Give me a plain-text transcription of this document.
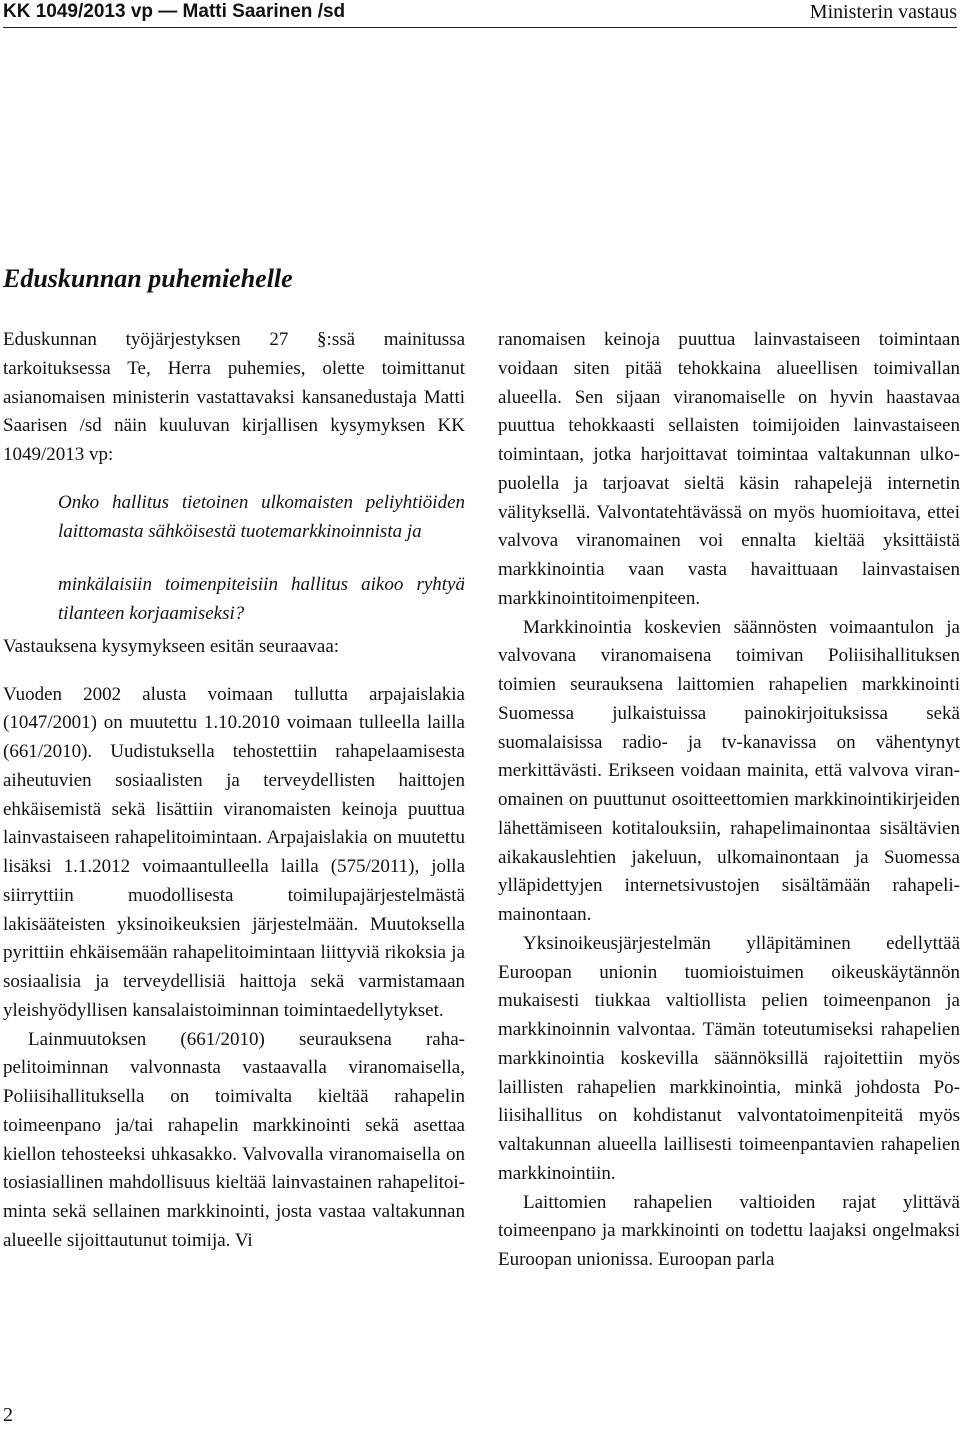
KK 1049/2013 vp — Matti Saarinen /sd	Ministerin vastaus
Eduskunnan puhemiehelle

Eduskunnan työjärjestyksen 27 §:ssä mainitussa tarkoituksessa Te, Herra puhemies, olette toimittanut asianomaisen ministerin vastattavaksi kansanedustaja Matti Saarisen /sd näin kuuluvan kirjallisen kysymyksen KK 1049/2013 vp:

Onko hallitus tietoinen ulkomaisten peliyhtiöiden laittomasta sähköisestä tuotemarkkinoinnista ja

minkälaisiin toimenpiteisiin hallitus aikoo ryhtyä tilanteen korjaamiseksi?

Vastauksena kysymykseen esitän seuraavaa:

Vuoden 2002 alusta voimaan tullutta arpajaislakia (1047/2001) on muutettu 1.10.2010 voimaan tulleella lailla (661/2010). Uudistuksella tehostettiin rahapelaamisesta aiheutuvien sosiaalisten ja terveydellisten haittojen ehkäisemistä sekä lisättiin viranomaisten keinoja puuttua lainvastaiseen rahapelitoimintaan. Arpajaislakia on muutettu lisäksi 1.1.2012 voimaantulleella lailla (575/2011), jolla siirryttiin muodollisesta toimilupajärjestelmästä lakisääteisten yksinoikeuksien järjestelmään. Muutoksella pyrittiin ehkäisemään rahapelitoimintaan liittyviä rikoksia ja sosiaalisia ja terveydellisiä haittoja sekä varmistamaan yleishyödyllisen kansalaistoiminnan toimintaedellytykset.

Lainmuutoksen (661/2010) seurauksena rahapelitoiminnan valvonnasta vastaavalla viranomaisella, Poliisihallituksella on toimivalta kieltää rahapelin toimeenpano ja/tai rahapelin markkinointi sekä asettaa kiellon tehosteeksi uhkasakko. Valvovalla viranomaisella on tosiasiallinen mahdollisuus kieltää lainvastainen rahapelitoiminta sekä sellainen markkinointi, josta vastaa valtakunnan alueelle sijoittautunut toimija. Vi

ranomaisen keinoja puuttua lainvastaiseen toimintaan voidaan siten pitää tehokkaina alueellisen toimivallan alueella. Sen sijaan viranomaiselle on hyvin haastavaa puuttua tehokkaasti sellaisten toimijoiden lainvastaiseen toimintaan, jotka harjoittavat toimintaa valtakunnan ulkopuolella ja tarjoavat sieltä käsin rahapelejä internetin välityksellä. Valvontatehtävässä on myös huomioitava, ettei valvova viranomainen voi ennalta kieltää yksittäistä markkinointia vaan vasta havaittuaan lainvastaisen markkinointitoimenpiteen.

Markkinointia koskevien säännösten voimaantulon ja valvovana viranomaisena toimivan Poliisihallituksen toimien seurauksena laittomien rahapelien markkinointi Suomessa julkaistuissa painokirjoituksissa sekä suomalaisissa radio- ja tv-kanavissa on vähentynyt merkittävästi. Erikseen voidaan mainita, että valvova viranomainen on puuttunut osoitteettomien markkinointikirjeiden lähettämiseen kotitalouksiin, rahapelimainontaa sisältävien aikakauslehtien jakeluun, ulkomainontaan ja Suomessa ylläpidettyjen internetsivustojen sisältämään rahapelimainontaan.

Yksinoikeusjärjestelmän ylläpitäminen edellyttää Euroopan unionin tuomioistuimen oikeuskäytännön mukaisesti tiukkaa valtiollista pelien toimeenpanon ja markkinoinnin valvontaa. Tämän toteutumiseksi rahapelien markkinointia koskevilla säännöksillä rajoitettiin myös laillisten rahapelien markkinointia, minkä johdosta Poliisihallitus on kohdistanut valvontatoimenpiteitä myös valtakunnan alueella laillisesti toimeenpantavien rahapelien markkinointiin.

Laittomien rahapelien valtioiden rajat ylittävä toimeenpano ja markkinointi on todettu laajaksi ongelmaksi Euroopan unionissa. Euroopan parla

2
